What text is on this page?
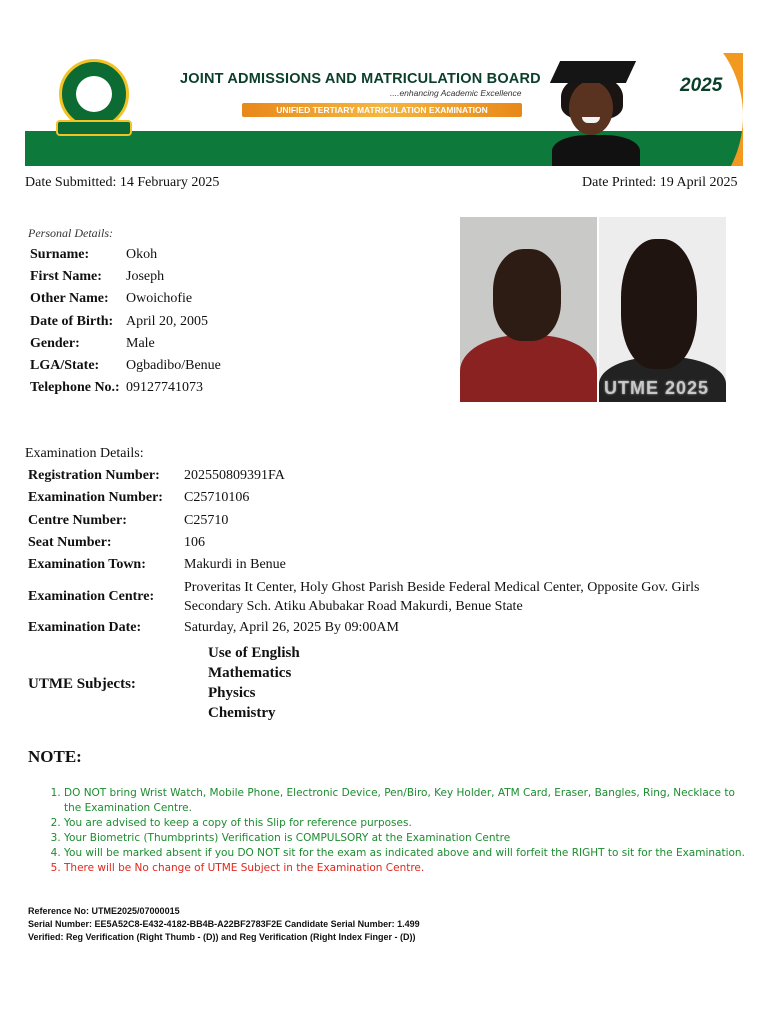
JOINT ADMISSIONS AND MATRICULATION BOARD
....enhancing Academic Excellence
UNIFIED TERTIARY MATRICULATION EXAMINATION
Main Examination Slip
2025
Date Submitted: 14 February 2025	Date Printed: 19 April 2025
Personal Details:
Surname:	Okoh
First Name: Joseph
Other Name: Owoichofie
Date of Birth: April 20, 2005
Gender:	Male
LGA/State: Ogbadibo/Benue
Telephone No.: 09127741073	UTME 2025
Examination Details:
Registration Number: 202550809391FA
Examination Number: C25710106
Centre Number:	C25710
Seat Number:	106
Examination Town:	Makurdi in Benue
Examination Centre:
Proveritas It Center, Holy Ghost Parish Beside Federal Medical Center, Opposite Gov. Girls Secondary Sch. Atiku Abubakar Road Makurdi, Benue State
Examination Date:	Saturday, April 26, 2025 By 09:00AM
UTME Subjects:
Use of English
Mathematics
Physics
Chemistry
NOTE:
1. DO NOT bring Wrist Watch, Mobile Phone, Electronic Device, Pen/Biro, Key Holder, ATM Card, Eraser, Bangles, Ring, Necklace to the Examination Centre.
2. You are advised to keep a copy of this Slip for reference purposes.
3. Your Biometric (Thumbprints) Verification is COMPULSORY at the Examination Centre
4. You will be marked absent if you DO NOT sit for the exam as indicated above and will forfeit the RIGHT to sit for the Examination.
5. There will be No change of UTME Subject in the Examination Centre.
Reference No: UTME2025/07000015
Serial Number: EE5A52C8-E432-4182-BB4B-A22BF2783F2E Candidate Serial Number: 1.499
Verified: Reg Verification (Right Thumb - (D)) and Reg Verification (Right Index Finger - (D))
